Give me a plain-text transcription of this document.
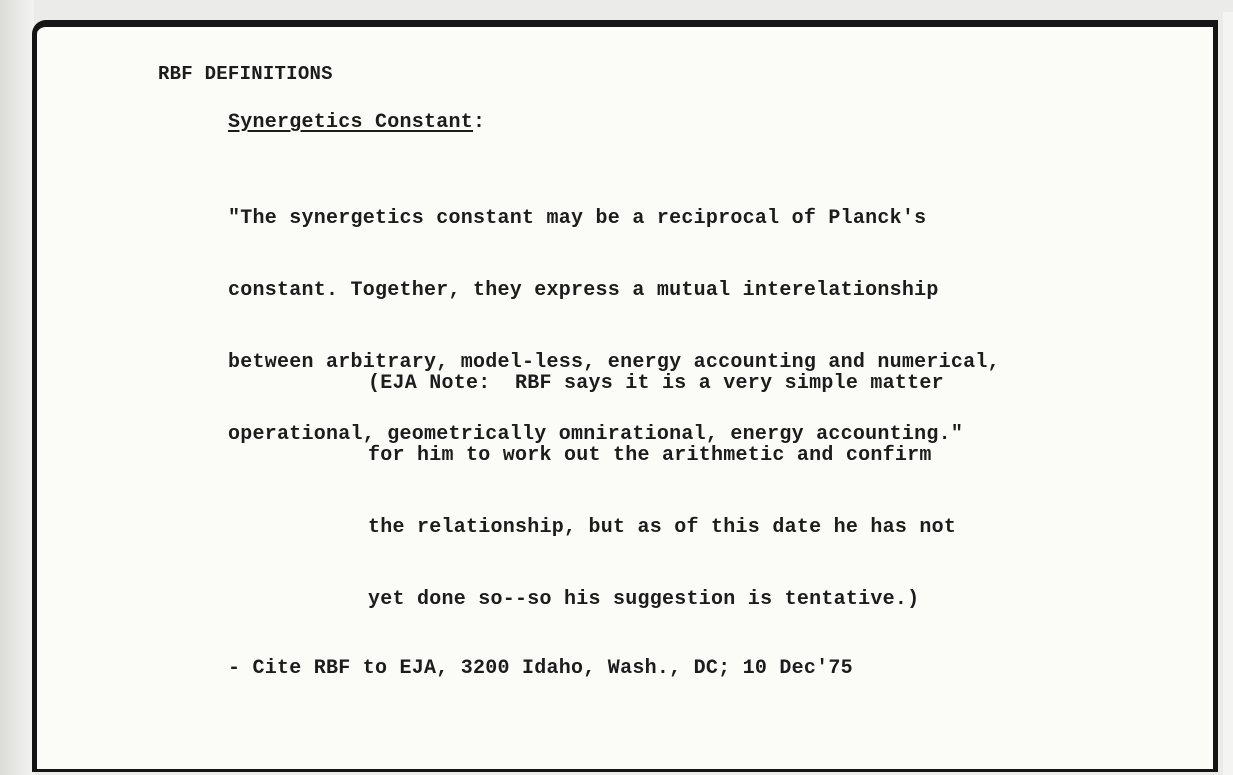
RBF DEFINITIONS
Synergetics Constant:

"The synergetics constant may be a reciprocal of Planck's

constant. Together, they express a mutual interelationship

between arbitrary, model-less, energy accounting and numerical,

operational, geometrically omnirational, energy accounting."

(EJA Note:  RBF says it is a very simple matter

for him to work out the arithmetic and confirm

the relationship, but as of this date he has not

yet done so--so his suggestion is tentative.)

- Cite RBF to EJA, 3200 Idaho, Wash., DC; 10 Dec'75
